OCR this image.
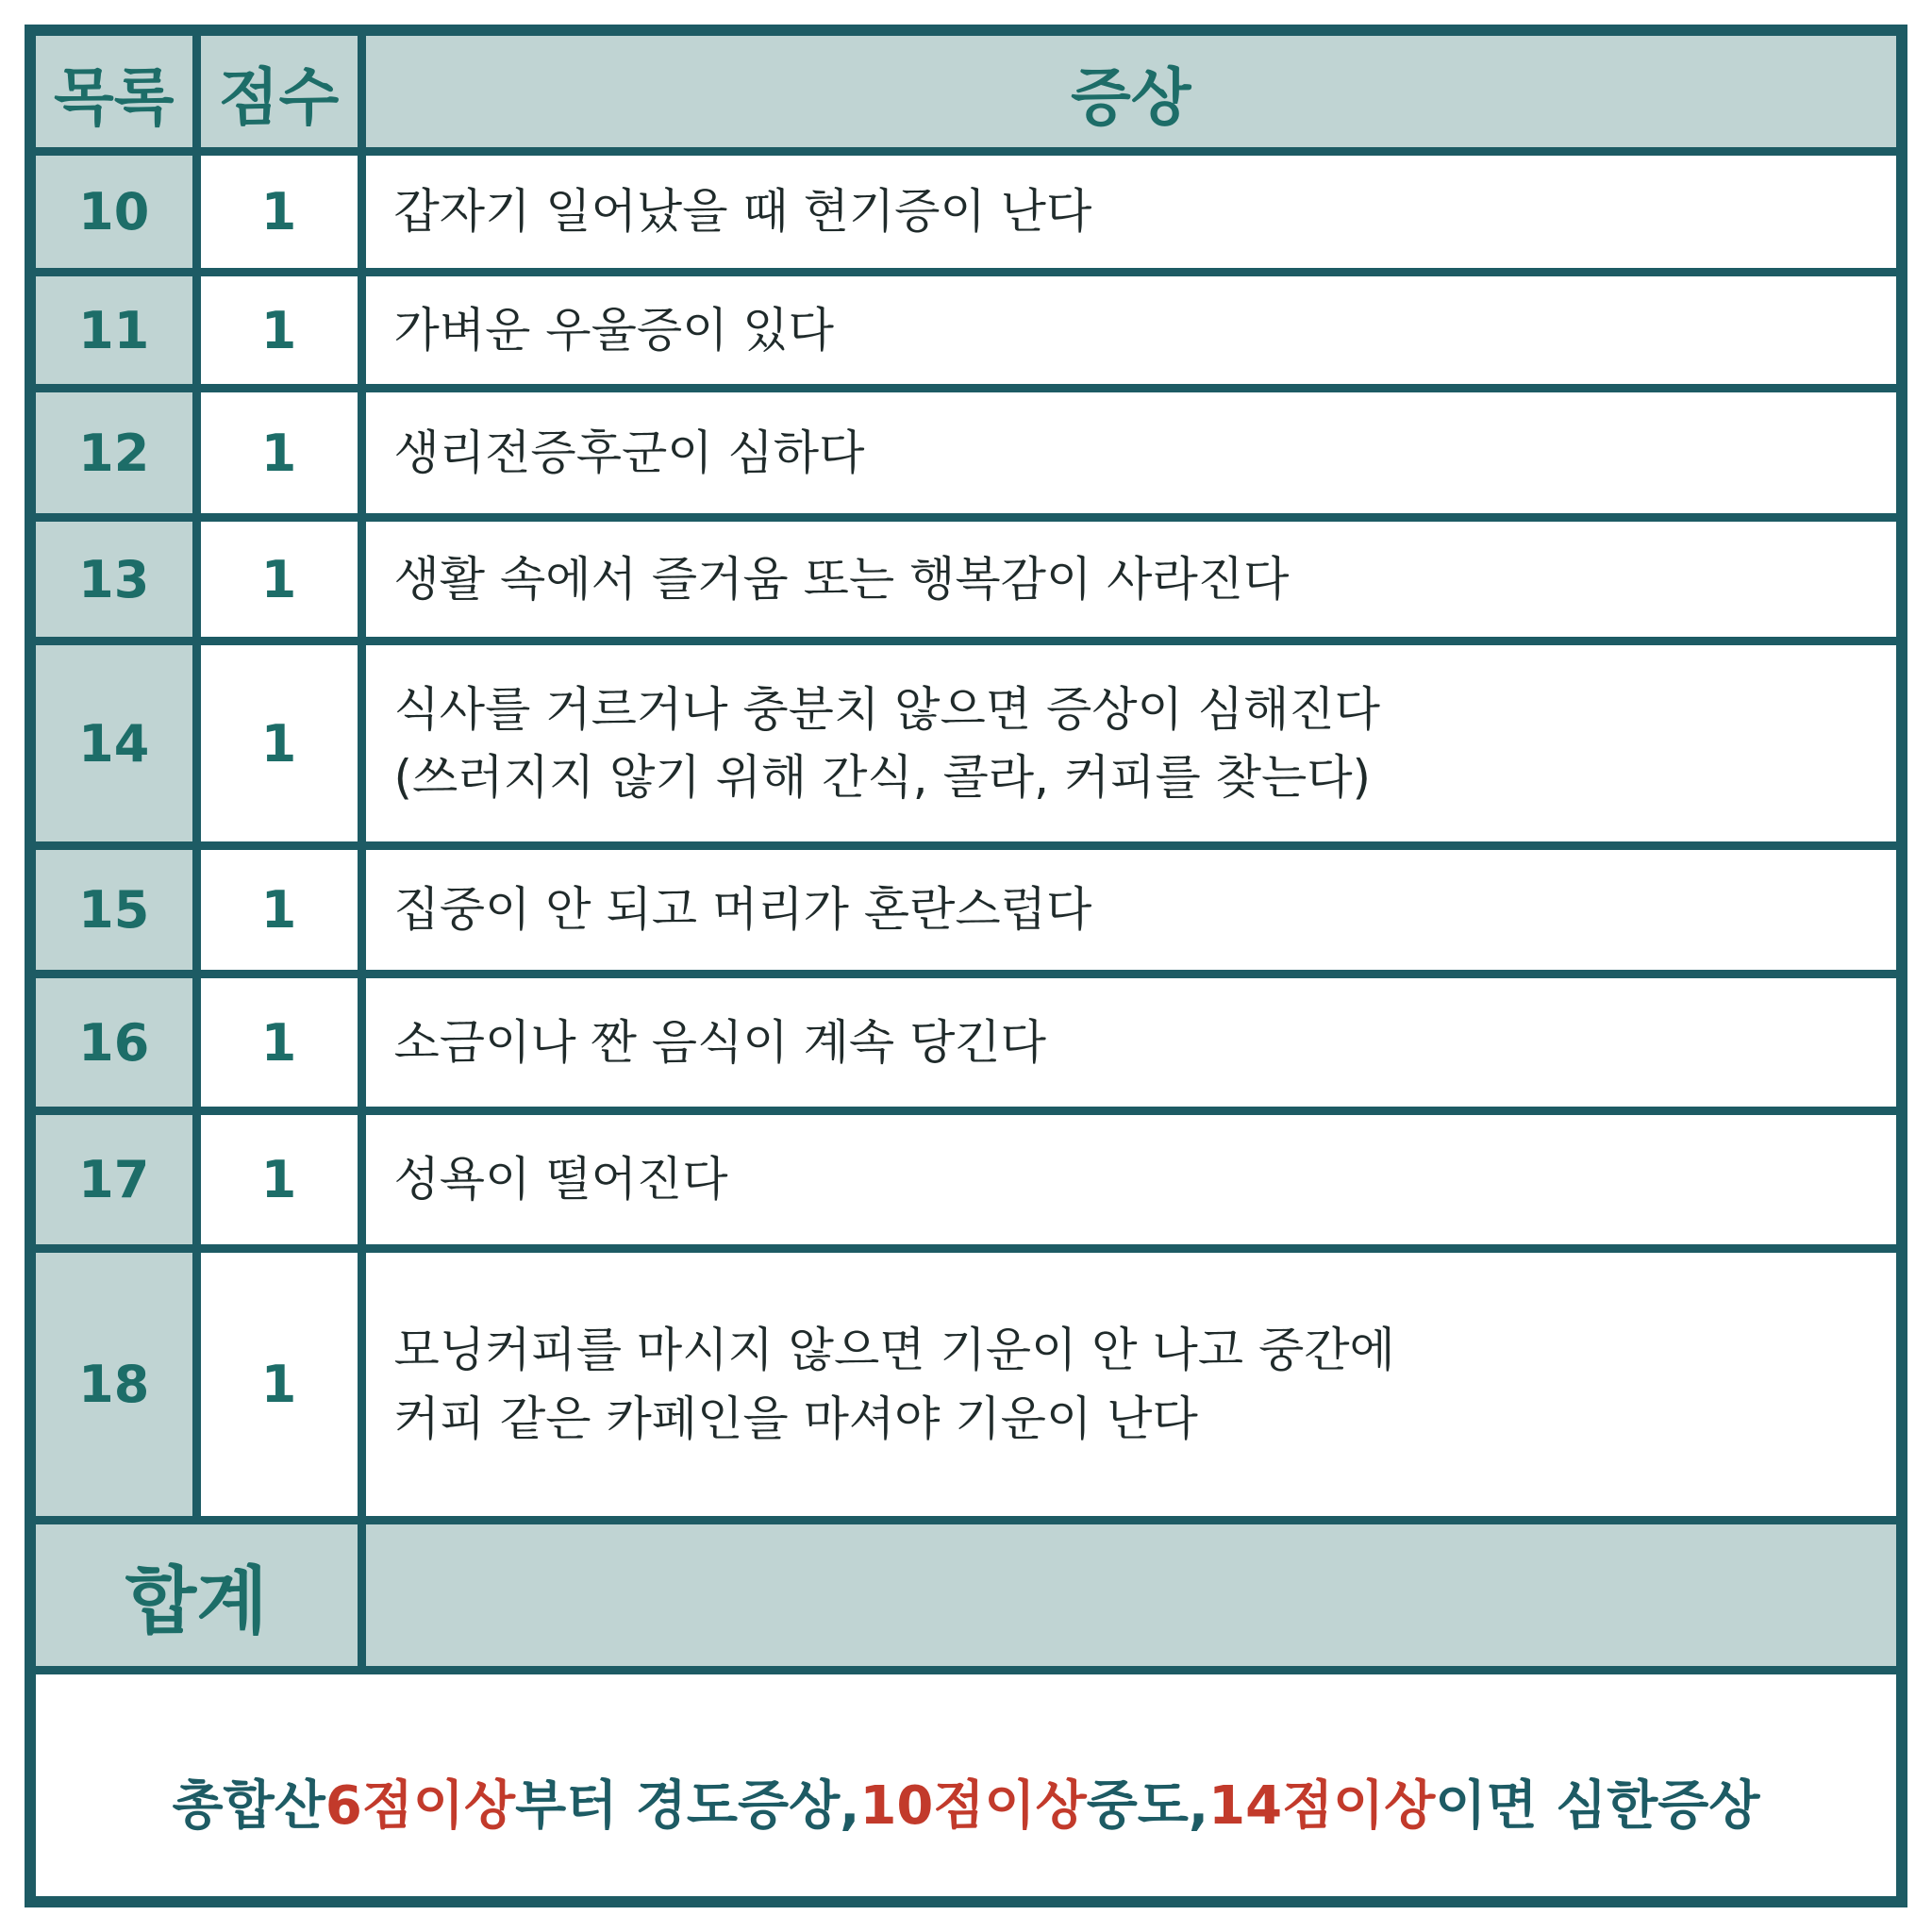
목록	점수	증상
10	1	갑자기 일어났을 때 현기증이 난다

11	1	가벼운 우울증이 있다

12	1	생리전증후군이 심하다

13	1	생활 속에서 즐거움 또는 행복감이 사라진다

14	1	식사를 거르거나 충분치 않으면 증상이 심해진다
(쓰러지지 않기 위해 간식, 콜라, 커피를 찾는다)

15	1	집중이 안 되고 머리가 혼란스럽다

16	1	소금이나 짠 음식이 계속 당긴다

17	1	성욕이 떨어진다

18	1	모닝커피를 마시지 않으면 기운이 안 나고 중간에
커피 같은 카페인을 마셔야 기운이 난다

합계		
총합산 6점이상 부터 경도증상, 10점이상 중도, 14점이상 이면 심한증상
